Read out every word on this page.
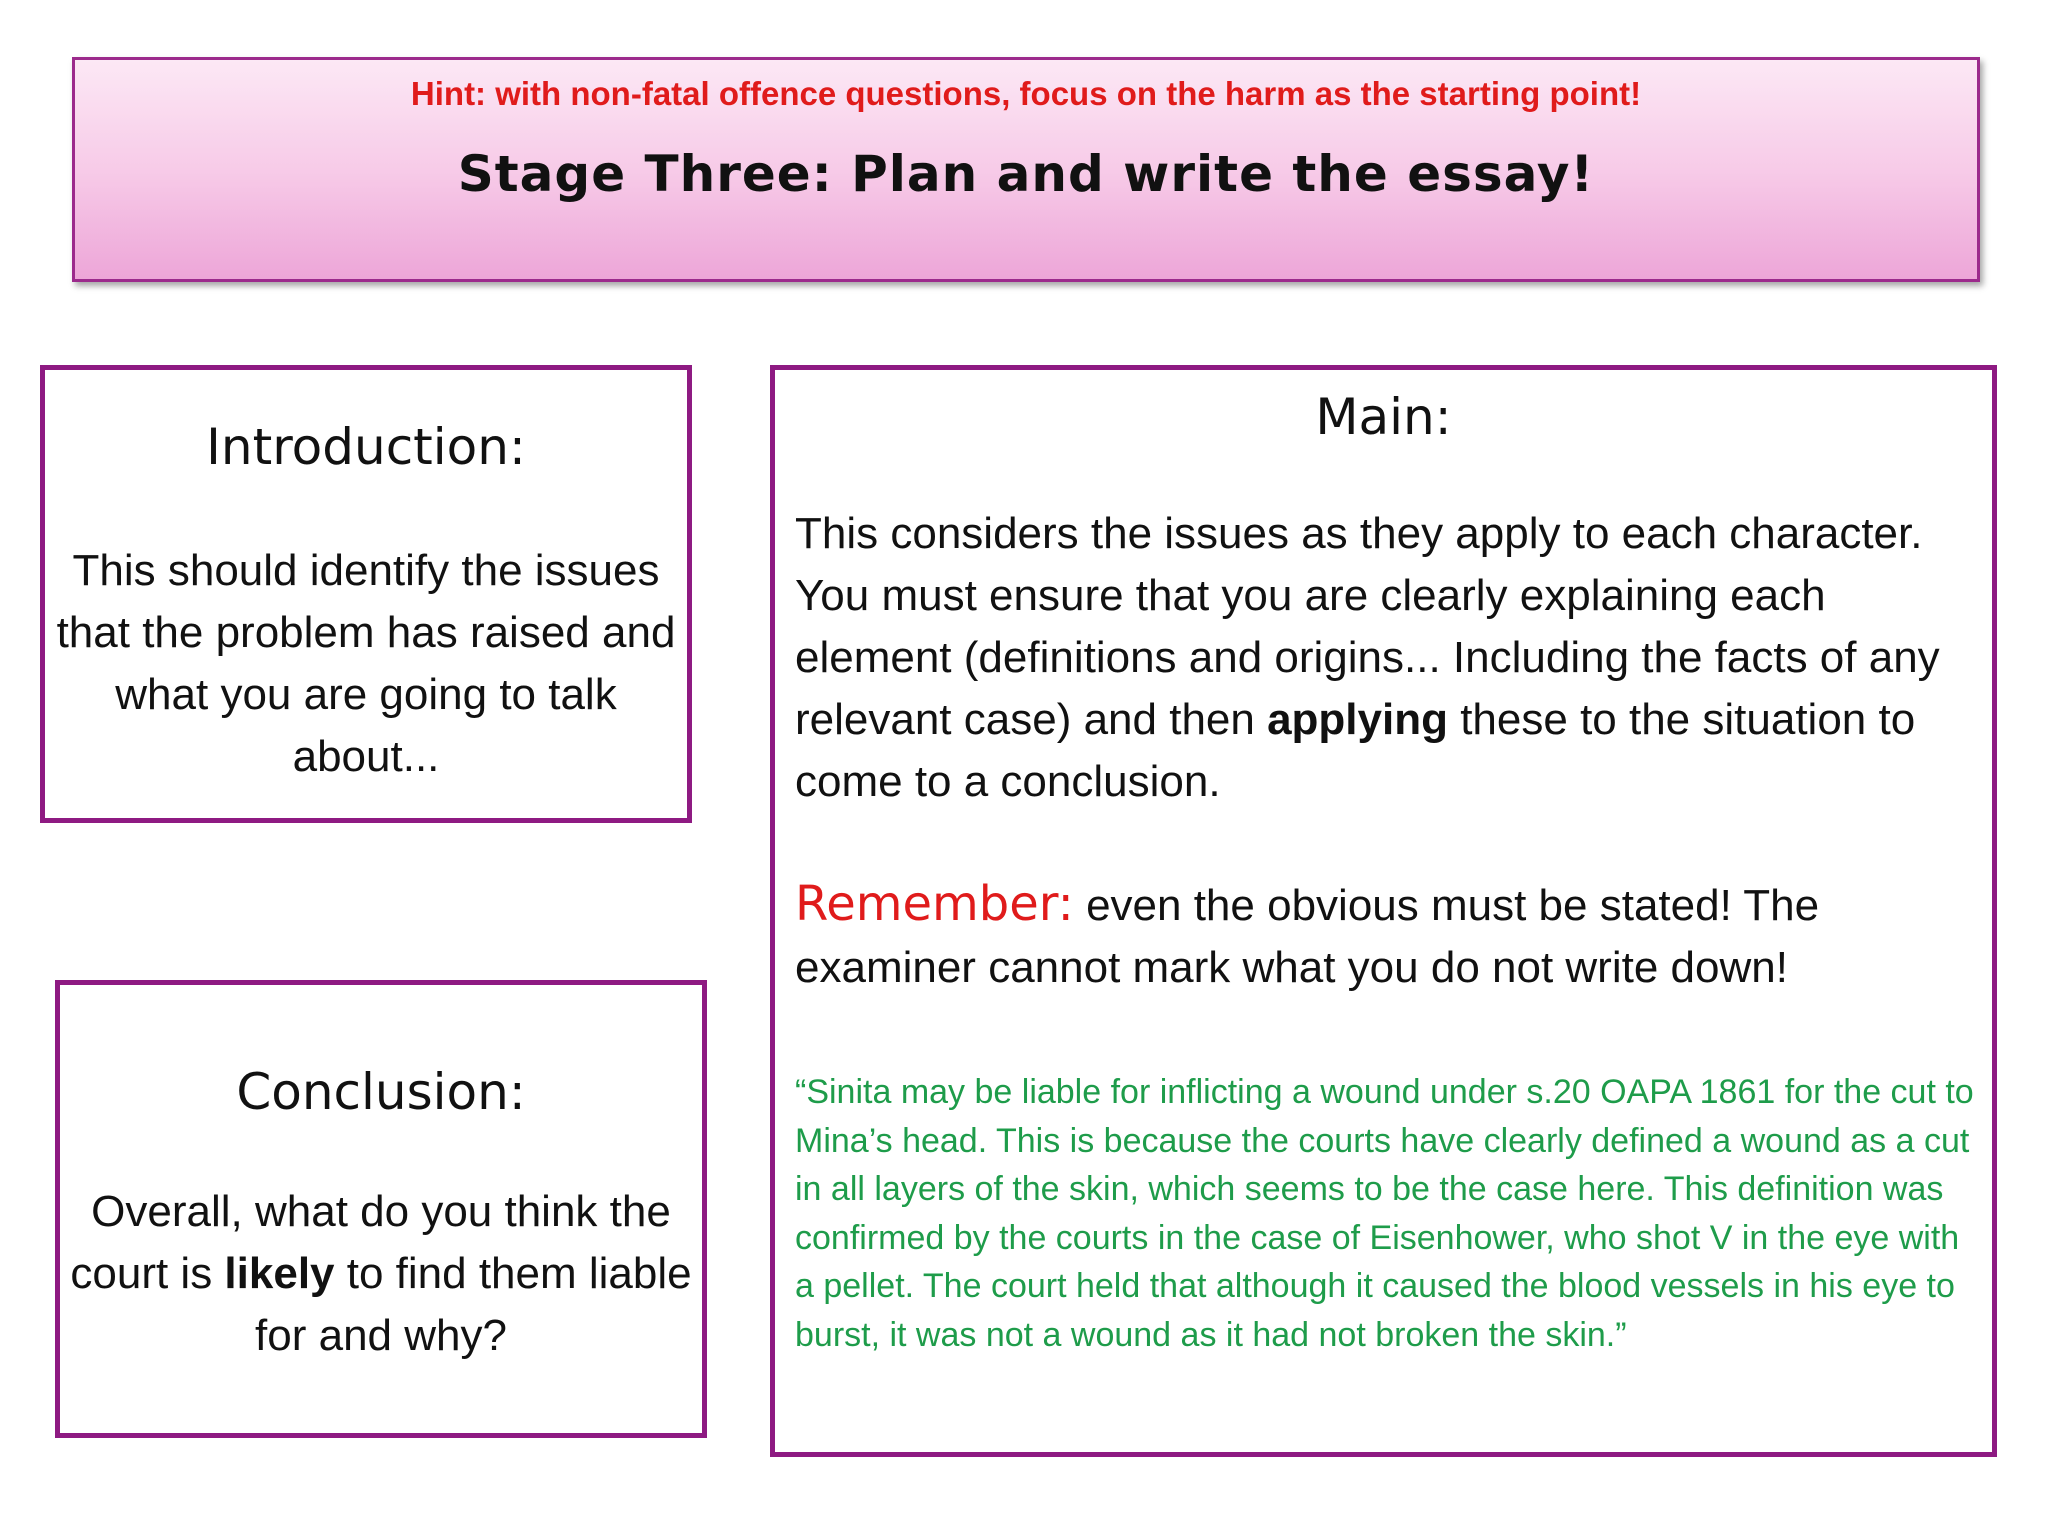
Hint: with non-fatal offence questions, focus on the harm as the starting point!
Stage Three: Plan and write the essay!
Introduction:
This should identify the issues that the problem has raised and what you are going to talk about...
Conclusion:
Overall, what do you think the court is likely to find them liable for and why?
Main:
This considers the issues as they apply to each character. You must ensure that you are clearly explaining each element (definitions and origins... Including the facts of any relevant case) and then applying these to the situation to come to a conclusion.
Remember: even the obvious must be stated! The examiner cannot mark what you do not write down!
“Sinita may be liable for inflicting a wound under s.20 OAPA 1861 for the cut to Mina’s head. This is because the courts have clearly defined a wound as a cut in all layers of the skin, which seems to be the case here. This definition was confirmed by the courts in the case of Eisenhower, who shot V in the eye with a pellet. The court held that although it caused the blood vessels in his eye to burst, it was not a wound as it had not broken the skin.”
